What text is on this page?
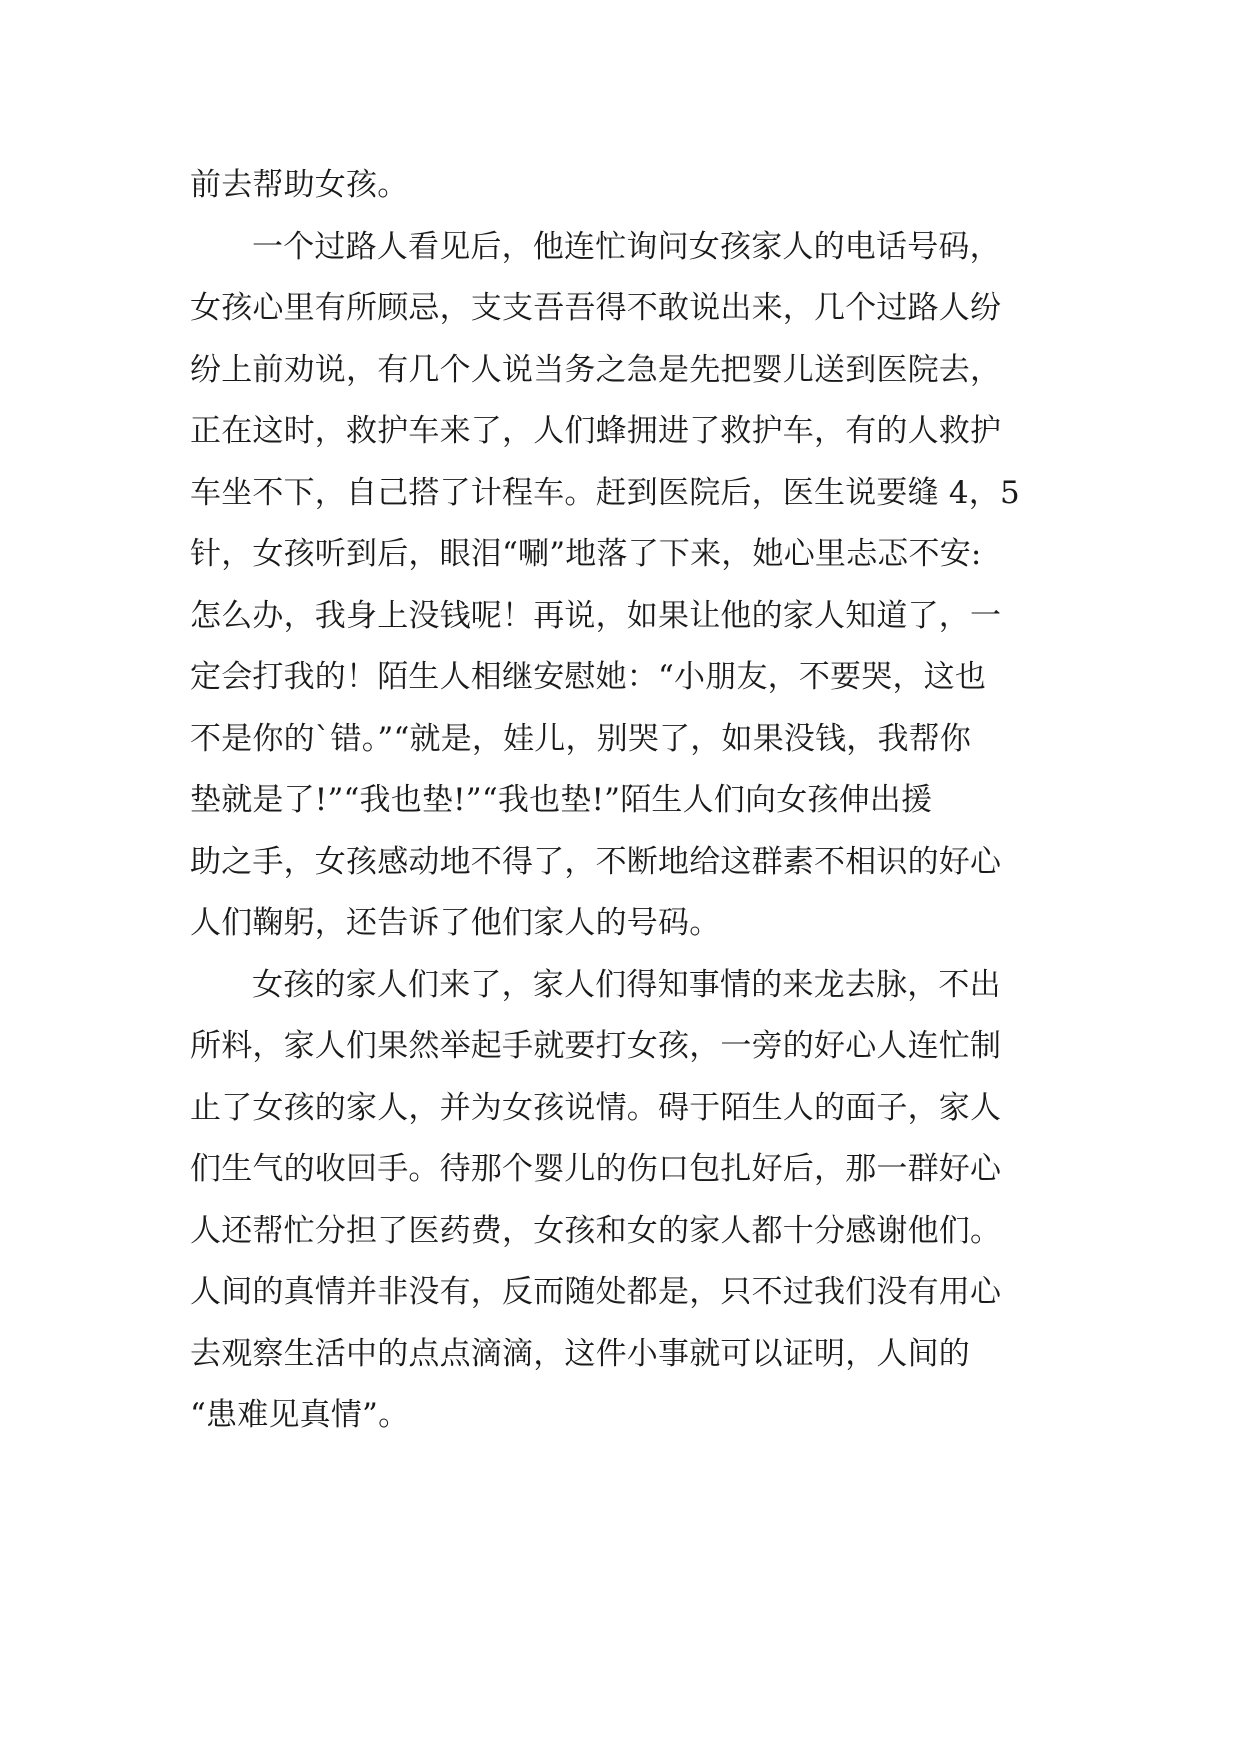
前去帮助女孩。
一个过路人看见后，他连忙询问女孩家人的电话号码，
女孩心里有所顾忌，支支吾吾得不敢说出来，几个过路人纷
纷上前劝说，有几个人说当务之急是先把婴儿送到医院去，
正在这时，救护车来了，人们蜂拥进了救护车，有的人救护
车坐不下，自己搭了计程车。赶到医院后，医生说要缝 4，5
针，女孩听到后，眼泪“唰”地落了下来，她心里忐忑不安:
怎么办，我身上没钱呢！再说，如果让他的家人知道了，一
定会打我的！陌生人相继安慰她：“小朋友，不要哭，这也
不是你的`错。”“就是，娃儿，别哭了，如果没钱，我帮你
垫就是了!”“我也垫!”“我也垫!”陌生人们向女孩伸出援
助之手，女孩感动地不得了，不断地给这群素不相识的好心
人们鞠躬，还告诉了他们家人的号码。
女孩的家人们来了，家人们得知事情的来龙去脉，不出
所料，家人们果然举起手就要打女孩，一旁的好心人连忙制
止了女孩的家人，并为女孩说情。碍于陌生人的面子，家人
们生气的收回手。待那个婴儿的伤口包扎好后，那一群好心
人还帮忙分担了医药费，女孩和女的家人都十分感谢他们。
人间的真情并非没有，反而随处都是，只不过我们没有用心
去观察生活中的点点滴滴，这件小事就可以证明，人间的
“患难见真情”。
